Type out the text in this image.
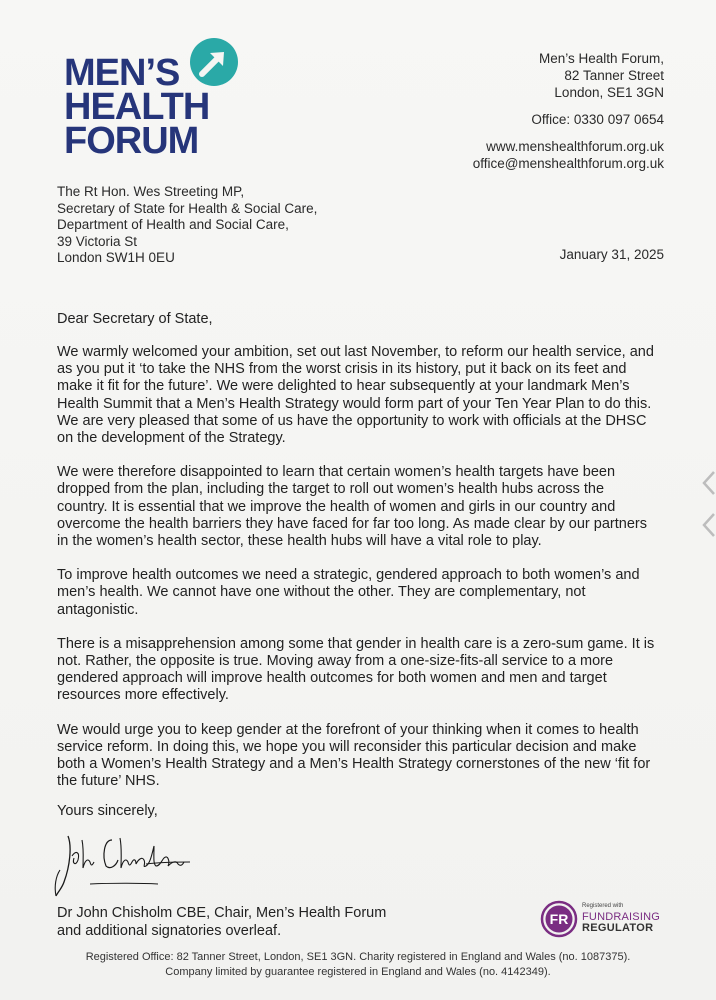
MEN’S
HEALTH
FORUM
Men’s Health Forum,
82 Tanner Street
London, SE1 3GN
Office: 0330 097 0654
www.menshealthforum.org.uk
office@menshealthforum.org.uk
The Rt Hon. Wes Streeting MP,
Secretary of State for Health & Social Care,
Department of Health and Social Care,
39 Victoria St
London SW1H 0EU	January 31, 2025
Dear Secretary of State,

We warmly welcomed your ambition, set out last November, to reform our health service, and as you put it ‘to take the NHS from the worst crisis in its history, put it back on its feet and make it fit for the future’. We were delighted to hear subsequently at your landmark Men’s Health Summit that a Men’s Health Strategy would form part of your Ten Year Plan to do this. We are very pleased that some of us have the opportunity to work with officials at the DHSC on the development of the Strategy.

We were therefore disappointed to learn that certain women’s health targets have been dropped from the plan, including the target to roll out women’s health hubs across the country. It is essential that we improve the health of women and girls in our country and overcome the health barriers they have faced for far too long. As made clear by our partners in the women’s health sector, these health hubs will have a vital role to play.

To improve health outcomes we need a strategic, gendered approach to both women’s and men’s health. We cannot have one without the other. They are complementary, not antagonistic.

There is a misapprehension among some that gender in health care is a zero-sum game. It is not. Rather, the opposite is true. Moving away from a one-size-fits-all service to a more gendered approach will improve health outcomes for both women and men and target resources more effectively.

We would urge you to keep gender at the forefront of your thinking when it comes to health service reform. In doing this, we hope you will reconsider this particular decision and make both a Women’s Health Strategy and a Men’s Health Strategy cornerstones of the new ‘fit for the future’ NHS.

Yours sincerely,
Dr John Chisholm CBE, Chair, Men’s Health Forum
and additional signatories overleaf.
FR
Registered with
FUNDRAISING
REGULATOR
Registered Office: 82 Tanner Street, London, SE1 3GN. Charity registered in England and Wales (no. 1087375).
Company limited by guarantee registered in England and Wales (no. 4142349).
